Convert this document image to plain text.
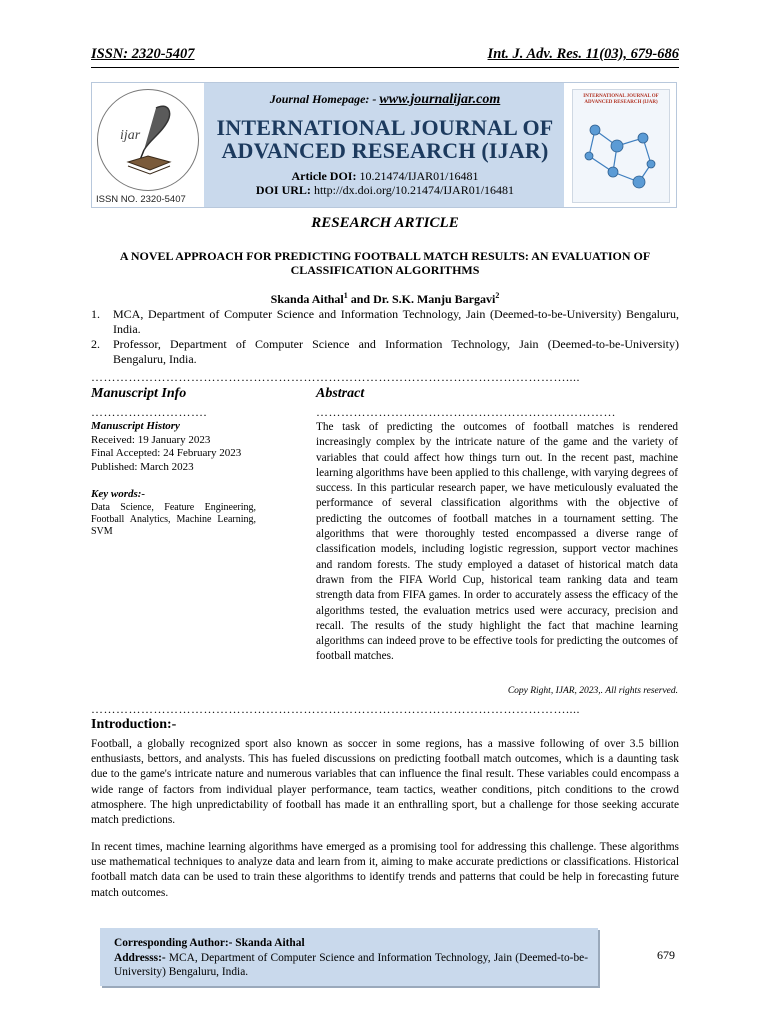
ISSN: 2320-5407	Int. J. Adv. Res. 11(03), 679-686
ijar
ISSN NO. 2320-5407
Journal Homepage: - www.journalijar.com
INTERNATIONAL JOURNAL OF
ADVANCED RESEARCH (IJAR)
Article DOI: 10.21474/IJAR01/16481
DOI URL: http://dx.doi.org/10.21474/IJAR01/16481
INTERNATIONAL JOURNAL OF ADVANCED RESEARCH (IJAR)
RESEARCH ARTICLE
A NOVEL APPROACH FOR PREDICTING FOOTBALL MATCH RESULTS: AN EVALUATION OF CLASSIFICATION ALGORITHMS
Skanda Aithal$^1$ and Dr. S.K. Manju Bargavi$^2$
1.	MCA, Department of Computer Science and Information Technology, Jain (Deemed-to-be-University) Bengaluru, India.
2.	Professor, Department of Computer Science and Information Technology, Jain (Deemed-to-be-University) Bengaluru, India.
……………………………………………………………………………………………………....
Manuscript Info	Abstract
……………………….	………………………………………………………………
Manuscript History
Received: 19 January 2023
Final Accepted: 24 February 2023
Published: March 2023
Key words:-
Data Science, Feature Engineering, Football Analytics, Machine Learning, SVM
The task of predicting the outcomes of football matches is rendered increasingly complex by the intricate nature of the game and the variety of variables that could affect how things turn out. In the recent past, machine learning algorithms have been applied to this challenge, with varying degrees of success. In this particular research paper, we have meticulously evaluated the performance of several classification algorithms with the objective of predicting the outcomes of football matches in a tournament setting. The algorithms that were thoroughly tested encompassed a diverse range of classification models, including logistic regression, support vector machines and random forests. The study employed a dataset of historical match data drawn from the FIFA World Cup, historical team ranking data and team strength data from FIFA games. In order to accurately assess the efficacy of the algorithms tested, the evaluation metrics used were accuracy, precision and recall. The results of the study highlight the fact that machine learning algorithms can indeed prove to be effective tools for predicting the outcomes of football matches.
Copy Right, IJAR, 2023,. All rights reserved.
……………………………………………………………………………………………………....
Introduction:-
Football, a globally recognized sport also known as soccer in some regions, has a massive following of over 3.5 billion enthusiasts, bettors, and analysts. This has fueled discussions on predicting football match outcomes, which is a daunting task due to the game's intricate nature and numerous variables that can influence the final result. These variables could encompass a wide range of factors from individual player performance, team tactics, weather conditions, pitch conditions to the crowd atmosphere. The high unpredictability of football has made it an enthralling sport, but a challenge for those seeking accurate match predictions.
In recent times, machine learning algorithms have emerged as a promising tool for addressing this challenge. These algorithms use mathematical techniques to analyze data and learn from it, aiming to make accurate predictions or classifications. Historical football match data can be used to train these algorithms to identify trends and patterns that could be help in forecasting future match outcomes.
Corresponding Author:- Skanda Aithal
Addresss:- MCA, Department of Computer Science and Information Technology, Jain (Deemed-to-be-University) Bengaluru, India.
679
